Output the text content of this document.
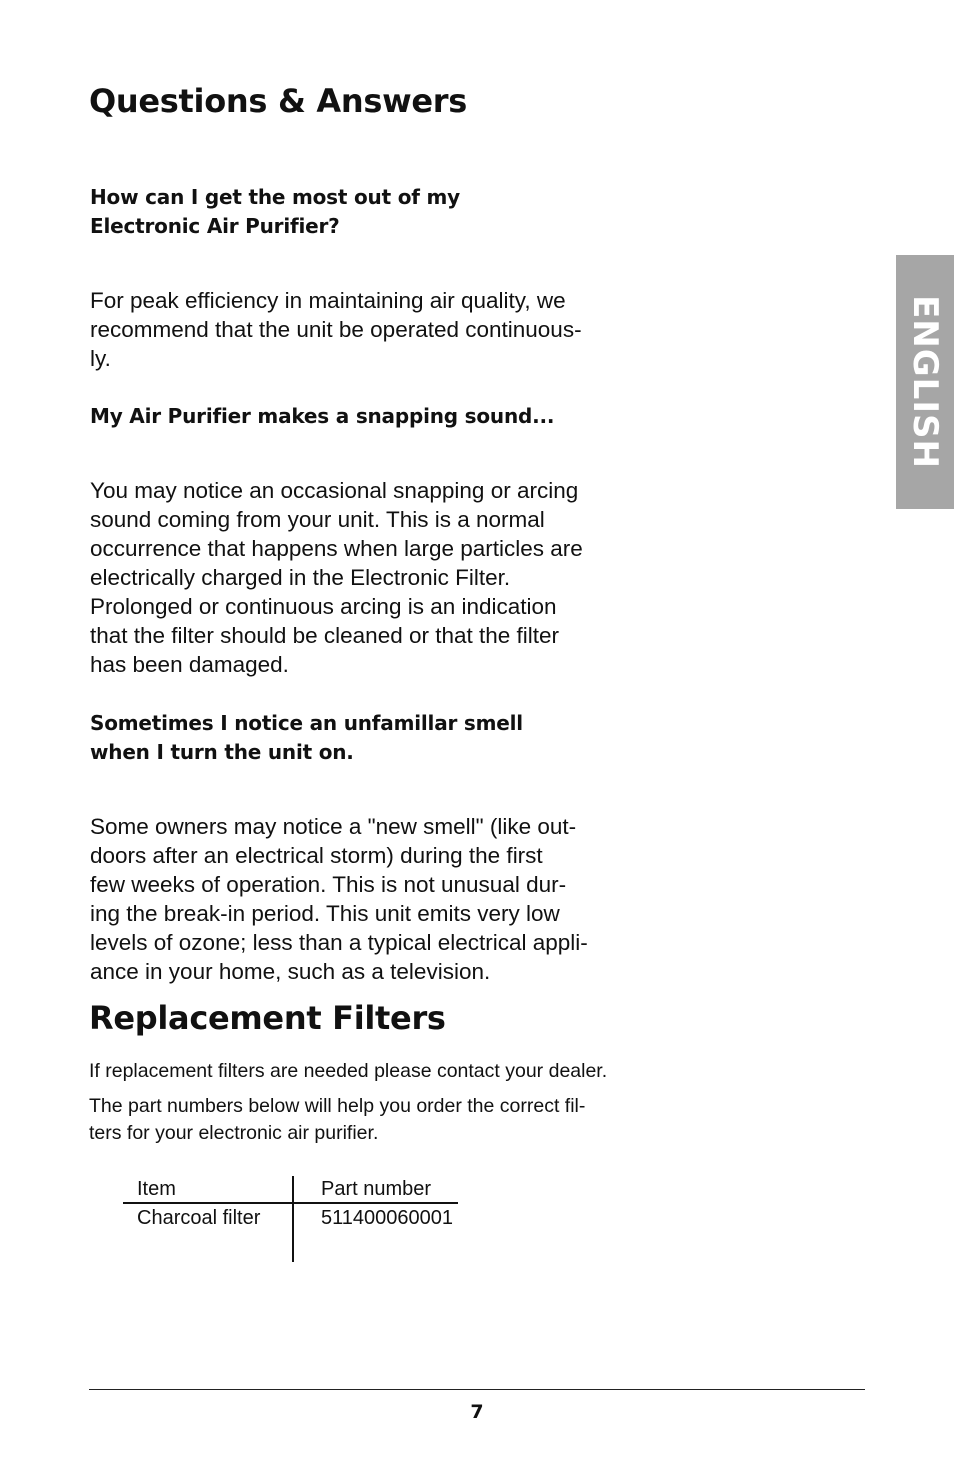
Questions & Answers
How can I get the most out of my
Electronic Air Purifier?
For peak efficiency in maintaining air quality, we
recommend that the unit be operated continuous-
ly.
My Air Purifier makes a snapping sound...
You may notice an occasional snapping or arcing
sound coming from your unit. This is a normal
occurrence that happens when large particles are
electrically charged in the Electronic Filter.
Prolonged or continuous arcing is an indication
that the filter should be cleaned or that the filter
has been damaged.
Sometimes I notice an unfamillar smell
when I turn the unit on.
Some owners may notice a "new smell" (like out-
doors after an electrical storm) during the first
few weeks of operation. This is not unusual dur-
ing the break-in period. This unit emits very low
levels of ozone; less than a typical electrical appli-
ance in your home, such as a television.
Replacement Filters
If replacement filters are needed please contact your dealer.
The part numbers below will help you order the correct fil-
ters for your electronic air purifier.
Item	Part number
Charcoal filter	511400060001
ENGLISH
7
